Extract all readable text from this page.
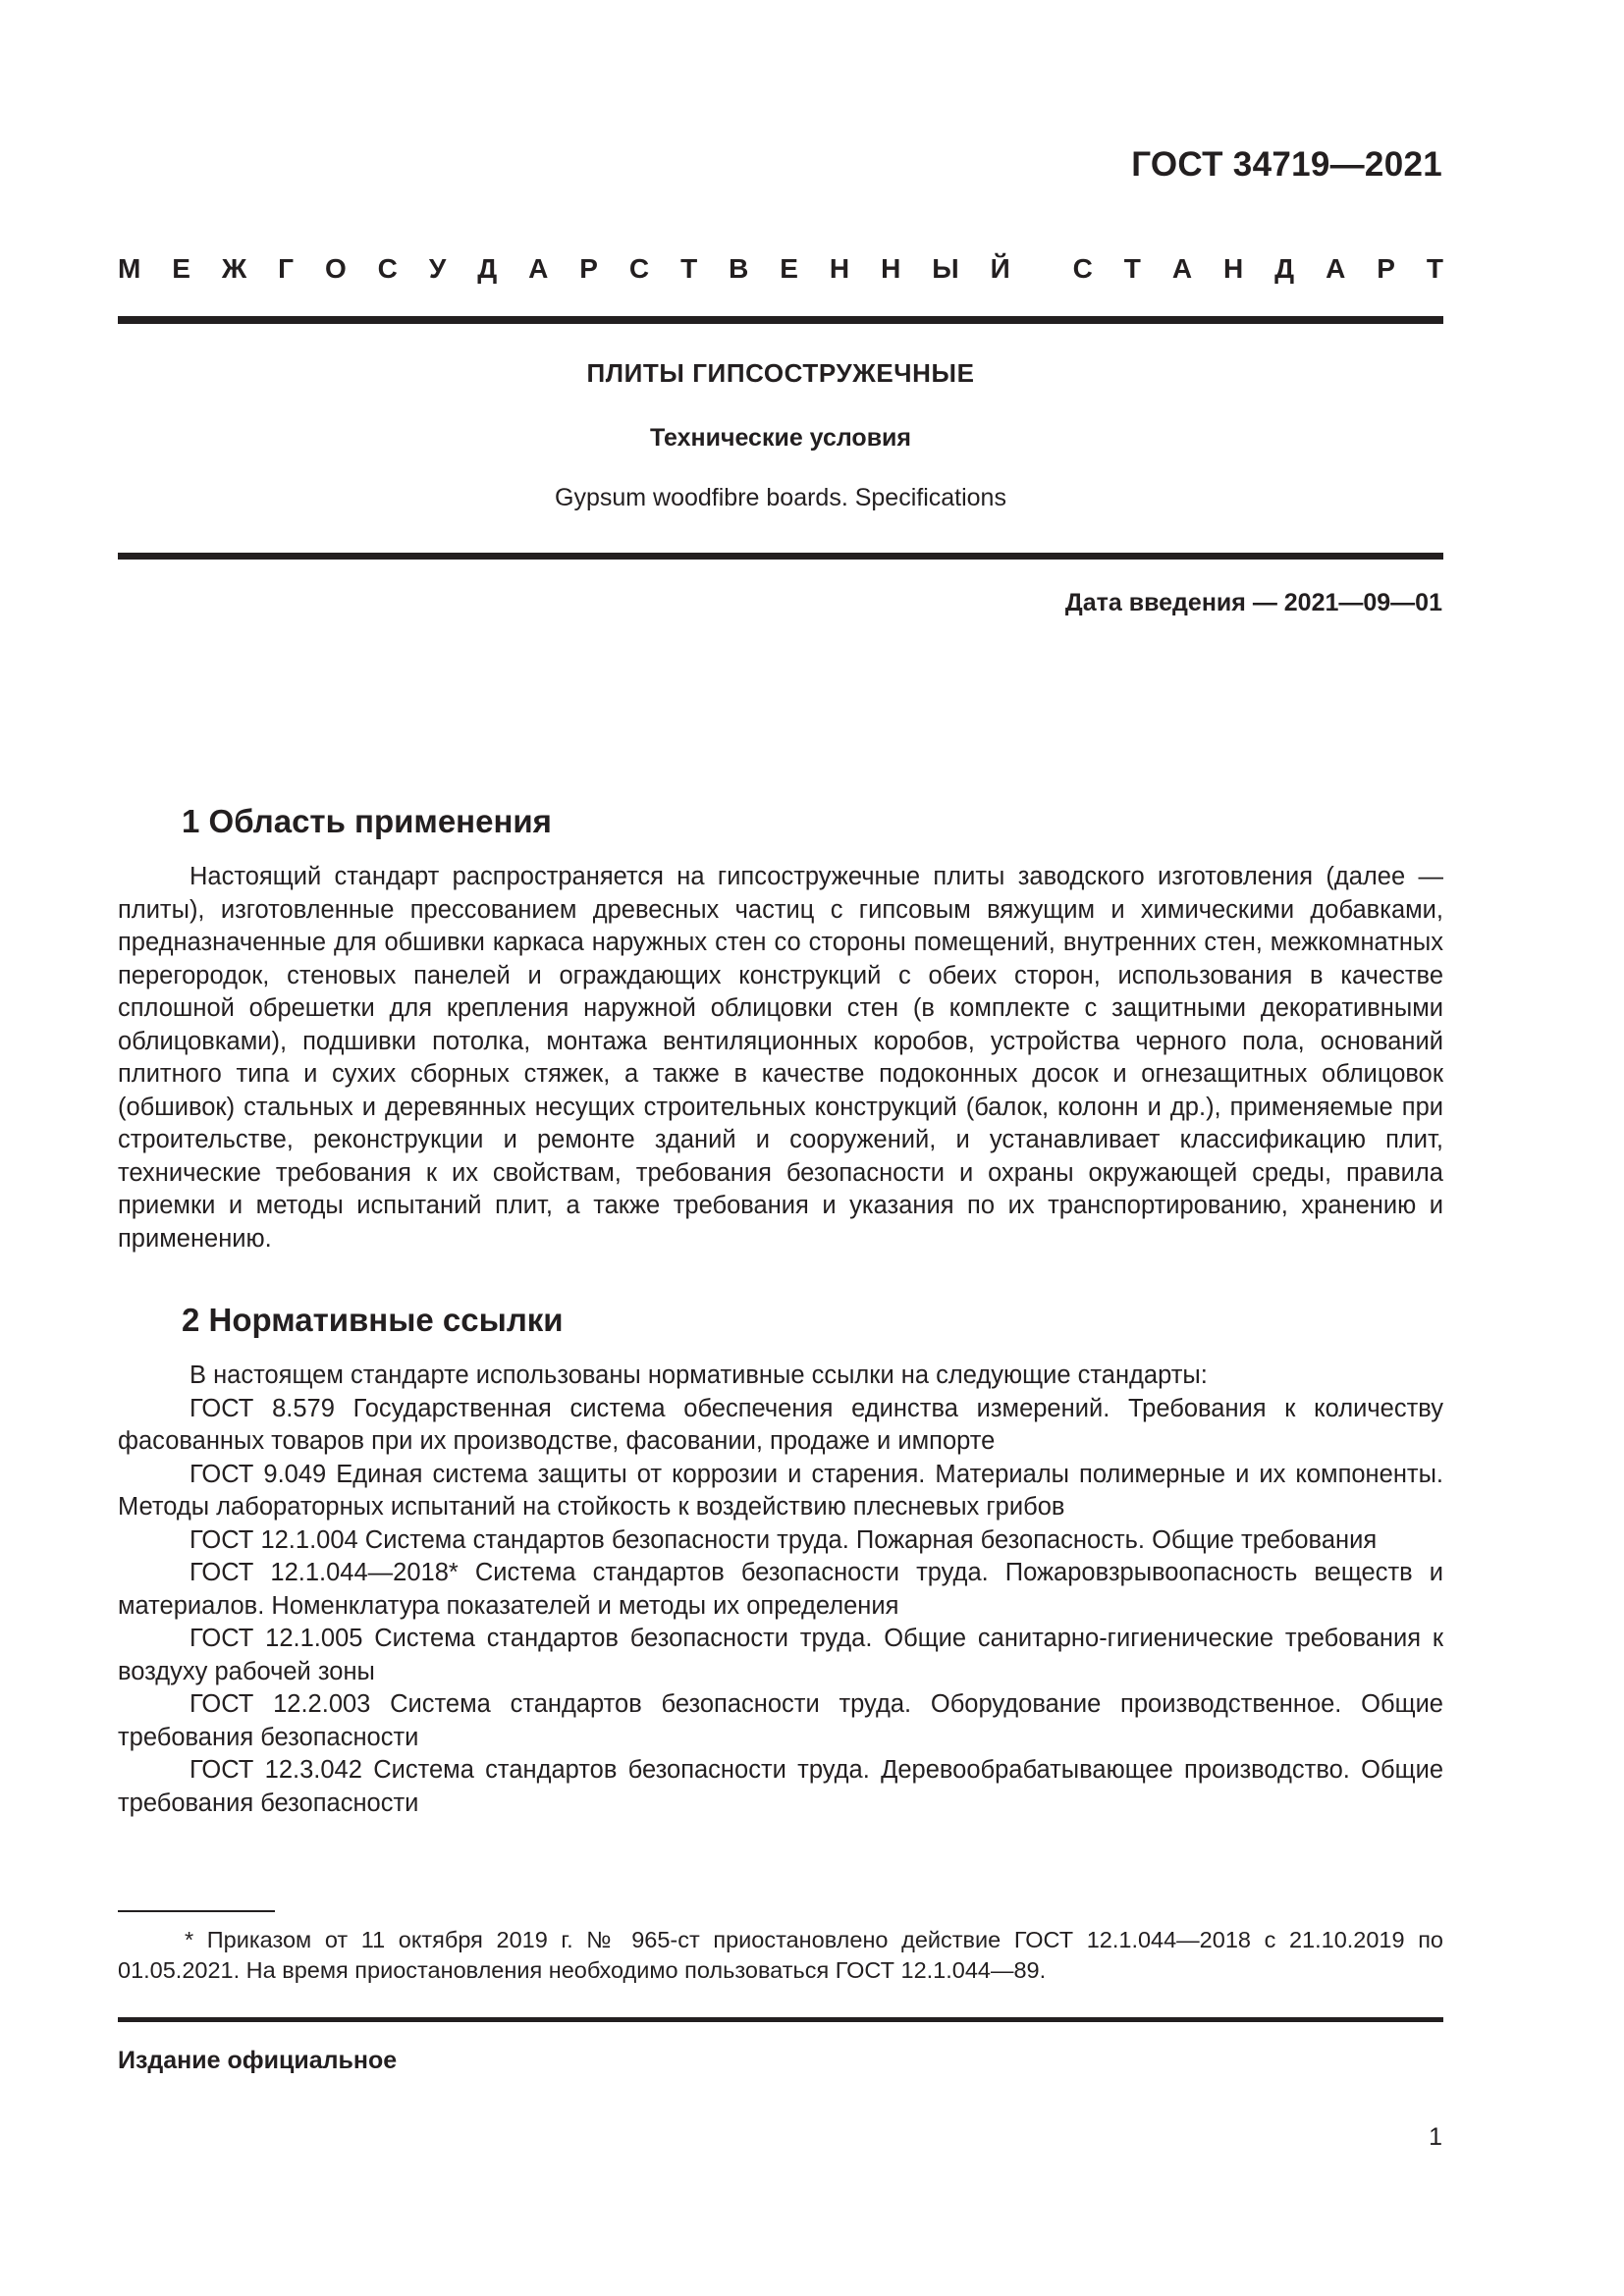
ГОСТ 34719—2021
М Е Ж Г О С У Д А Р С Т В Е Н Н Ы Й С Т А Н Д А Р Т
ПЛИТЫ ГИПСОСТРУЖЕЧНЫЕ
Технические условия
Gypsum woodfibre boards. Specifications
Дата введения — 2021—09—01
1 Область применения

Настоящий стандарт распространяется на гипсостружечные плиты заводского изготовления (далее — плиты), изготовленные прессованием древесных частиц с гипсовым вяжущим и химическими добавками, предназначенные для обшивки каркаса наружных стен со стороны помещений, внутренних стен, межкомнатных перегородок, стеновых панелей и ограждающих конструкций с обеих сторон, использования в качестве сплошной обрешетки для крепления наружной облицовки стен (в комплекте с защитными декоративными облицовками), подшивки потолка, монтажа вентиляционных коробов, устройства черного пола, оснований плитного типа и сухих сборных стяжек, а также в качестве подоконных досок и огнезащитных облицовок (обшивок) стальных и деревянных несущих строительных конструкций (балок, колонн и др.), применяемые при строительстве, реконструкции и ремонте зданий и сооружений, и устанавливает классификацию плит, технические требования к их свойствам, требования безопасности и охраны окружающей среды, правила приемки и методы испытаний плит, а также требования и указания по их транспортированию, хранению и применению.

2 Нормативные ссылки

В настоящем стандарте использованы нормативные ссылки на следующие стандарты:

ГОСТ 8.579 Государственная система обеспечения единства измерений. Требования к количеству фасованных товаров при их производстве, фасовании, продаже и импорте

ГОСТ 9.049 Единая система защиты от коррозии и старения. Материалы полимерные и их компоненты. Методы лабораторных испытаний на стойкость к воздействию плесневых грибов

ГОСТ 12.1.004 Система стандартов безопасности труда. Пожарная безопасность. Общие требования

ГОСТ 12.1.044—2018* Система стандартов безопасности труда. Пожаровзрывоопасность веществ и материалов. Номенклатура показателей и методы их определения

ГОСТ 12.1.005 Система стандартов безопасности труда. Общие санитарно-гигиенические требования к воздуху рабочей зоны

ГОСТ 12.2.003 Система стандартов безопасности труда. Оборудование производственное. Общие требования безопасности

ГОСТ 12.3.042 Система стандартов безопасности труда. Деревообрабатывающее производство. Общие требования безопасности

* Приказом от 11 октября 2019 г. № 965-ст приостановлено действие ГОСТ 12.1.044—2018 с 21.10.2019 по 01.05.2021. На время приостановления необходимо пользоваться ГОСТ 12.1.044—89.

Издание официальное
1
